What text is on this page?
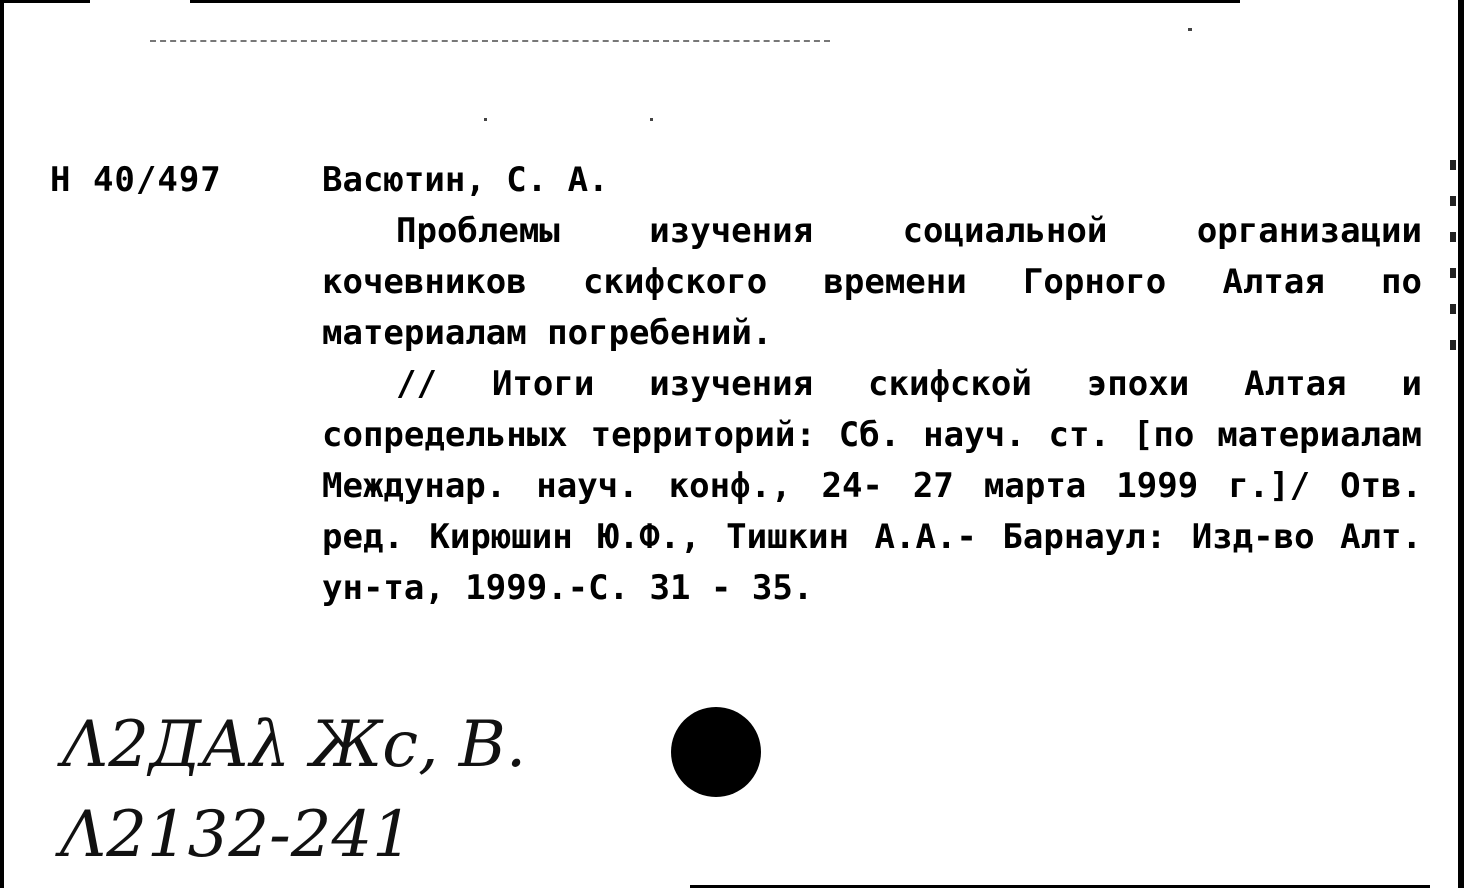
Н 40/497	Васютин, С. А.

Проблемы изучения социальной организации кочевников скифского времени Горного Алтая по материалам погребений.

// Итоги изучения скифской эпохи Алтая и сопредельных территорий: Сб. науч. ст. [по материалам Междунар. науч. конф., 24- 27 марта 1999 г.]/ Отв. ред. Кирюшин Ю.Ф., Тишкин А.А.- Барнаул: Изд-во Алт. ун-та, 1999.-С. 31 - 35.

Λ2ДАλ Жс, В.
Λ2132-241
